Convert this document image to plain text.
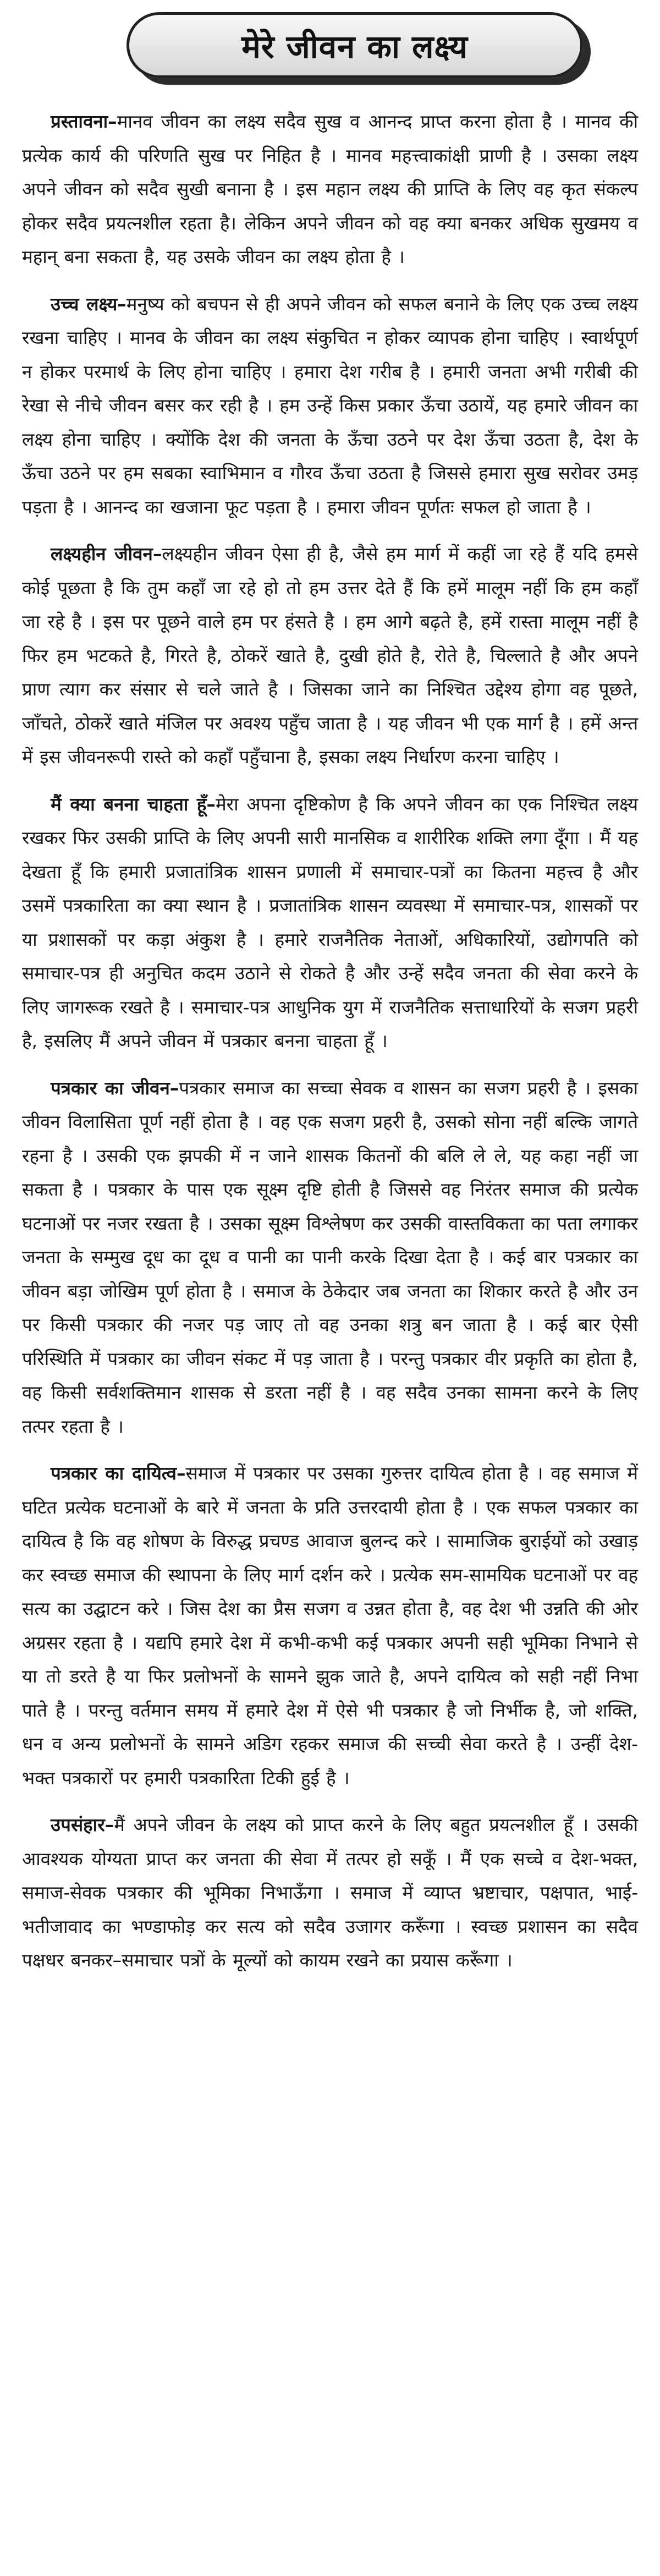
मेरे जीवन का लक्ष्य

प्रस्तावना–मानव जीवन का लक्ष्य सदैव सुख व आनन्द प्राप्त करना होता है । मानव की प्रत्येक कार्य की परिणति सुख पर निहित है । मानव महत्त्वाकांक्षी प्राणी है । उसका लक्ष्य अपने जीवन को सदैव सुखी बनाना है । इस महान लक्ष्य की प्राप्ति के लिए वह कृत संकल्प होकर सदैव प्रयत्नशील रहता है। लेकिन अपने जीवन को वह क्या बनकर अधिक सुखमय व महान् बना सकता है, यह उसके जीवन का लक्ष्य होता है ।

उच्च लक्ष्य–मनुष्य को बचपन से ही अपने जीवन को सफल बनाने के लिए एक उच्च लक्ष्य रखना चाहिए । मानव के जीवन का लक्ष्य संकुचित न होकर व्यापक होना चाहिए । स्वार्थपूर्ण न होकर परमार्थ के लिए होना चाहिए । हमारा देश गरीब है । हमारी जनता अभी गरीबी की रेखा से नीचे जीवन बसर कर रही है । हम उन्हें किस प्रकार ऊँचा उठायें, यह हमारे जीवन का लक्ष्य होना चाहिए । क्योंकि देश की जनता के ऊँचा उठने पर देश ऊँचा उठता है, देश के ऊँचा उठने पर हम सबका स्वाभिमान व गौरव ऊँचा उठता है जिससे हमारा सुख सरोवर उमड़ पड़ता है । आनन्द का खजाना फूट पड़ता है । हमारा जीवन पूर्णतः सफल हो जाता है ।

लक्ष्यहीन जीवन–लक्ष्यहीन जीवन ऐसा ही है, जैसे हम मार्ग में कहीं जा रहे हैं यदि हमसे कोई पूछता है कि तुम कहाँ जा रहे हो तो हम उत्तर देते हैं कि हमें मालूम नहीं कि हम कहाँ जा रहे है । इस पर पूछने वाले हम पर हंसते है । हम आगे बढ़ते है, हमें रास्ता मालूम नहीं है फिर हम भटकते है, गिरते है, ठोकरें खाते है, दुखी होते है, रोते है, चिल्लाते है और अपने प्राण त्याग कर संसार से चले जाते है । जिसका जाने का निश्चित उद्देश्य होगा वह पूछते, जाँचते, ठोकरें खाते मंजिल पर अवश्य पहुँच जाता है । यह जीवन भी एक मार्ग है । हमें अन्त में इस जीवनरूपी रास्ते को कहाँ पहुँचाना है, इसका लक्ष्य निर्धारण करना चाहिए ।

मैं क्या बनना चाहता हूँ–मेरा अपना दृष्टिकोण है कि अपने जीवन का एक निश्चित लक्ष्य रखकर फिर उसकी प्राप्ति के लिए अपनी सारी मानसिक व शारीरिक शक्ति लगा दूँगा । मैं यह देखता हूँ कि हमारी प्रजातांत्रिक शासन प्रणाली में समाचार-पत्रों का कितना महत्त्व है और उसमें पत्रकारिता का क्या स्थान है । प्रजातांत्रिक शासन व्यवस्था में समाचार-पत्र, शासकों पर या प्रशासकों पर कड़ा अंकुश है । हमारे राजनैतिक नेताओं, अधिकारियों, उद्योगपति को समाचार-पत्र ही अनुचित कदम उठाने से रोकते है और उन्हें सदैव जनता की सेवा करने के लिए जागरूक रखते है । समाचार-पत्र आधुनिक युग में राजनैतिक सत्ताधारियों के सजग प्रहरी है, इसलिए मैं अपने जीवन में पत्रकार बनना चाहता हूँ ।

पत्रकार का जीवन–पत्रकार समाज का सच्चा सेवक व शासन का सजग प्रहरी है । इसका जीवन विलासिता पूर्ण नहीं होता है । वह एक सजग प्रहरी है, उसको सोना नहीं बल्कि जागते रहना है । उसकी एक झपकी में न जाने शासक कितनों की बलि ले ले, यह कहा नहीं जा सकता है । पत्रकार के पास एक सूक्ष्म दृष्टि होती है जिससे वह निरंतर समाज की प्रत्येक घटनाओं पर नजर रखता है । उसका सूक्ष्म विश्लेषण कर उसकी वास्तविकता का पता लगाकर जनता के सम्मुख दूध का दूध व पानी का पानी करके दिखा देता है । कई बार पत्रकार का जीवन बड़ा जोखिम पूर्ण होता है । समाज के ठेकेदार जब जनता का शिकार करते है और उन पर किसी पत्रकार की नजर पड़ जाए तो वह उनका शत्रु बन जाता है । कई बार ऐसी परिस्थिति में पत्रकार का जीवन संकट में पड़ जाता है । परन्तु पत्रकार वीर प्रकृति का होता है, वह किसी सर्वशक्तिमान शासक से डरता नहीं है । वह सदैव उनका सामना करने के लिए तत्पर रहता है ।

पत्रकार का दायित्व–समाज में पत्रकार पर उसका गुरुत्तर दायित्व होता है । वह समाज में घटित प्रत्येक घटनाओं के बारे में जनता के प्रति उत्तरदायी होता है । एक सफल पत्रकार का दायित्व है कि वह शोषण के विरुद्ध प्रचण्ड आवाज बुलन्द करे । सामाजिक बुराईयों को उखाड़ कर स्वच्छ समाज की स्थापना के लिए मार्ग दर्शन करे । प्रत्येक सम-सामयिक घटनाओं पर वह सत्य का उद्घाटन करे । जिस देश का प्रैस सजग व उन्नत होता है, वह देश भी उन्नति की ओर अग्रसर रहता है । यद्यपि हमारे देश में कभी-कभी कई पत्रकार अपनी सही भूमिका निभाने से या तो डरते है या फिर प्रलोभनों के सामने झुक जाते है, अपने दायित्व को सही नहीं निभा पाते है । परन्तु वर्तमान समय में हमारे देश में ऐसे भी पत्रकार है जो निर्भीक है, जो शक्ति, धन व अन्य प्रलोभनों के सामने अडिग रहकर समाज की सच्ची सेवा करते है । उन्हीं देश-भक्त पत्रकारों पर हमारी पत्रकारिता टिकी हुई है ।

उपसंहार–मैं अपने जीवन के लक्ष्य को प्राप्त करने के लिए बहुत प्रयत्नशील हूँ । उसकी आवश्यक योग्यता प्राप्त कर जनता की सेवा में तत्पर हो सकूँ । मैं एक सच्चे व देश-भक्त, समाज-सेवक पत्रकार की भूमिका निभाऊँगा । समाज में व्याप्त भ्रष्टाचार, पक्षपात, भाई-भतीजावाद का भण्डाफोड़ कर सत्य को सदैव उजागर करूँगा । स्वच्छ प्रशासन का सदैव पक्षधर बनकर–समाचार पत्रों के मूल्यों को कायम रखने का प्रयास करूँगा ।
